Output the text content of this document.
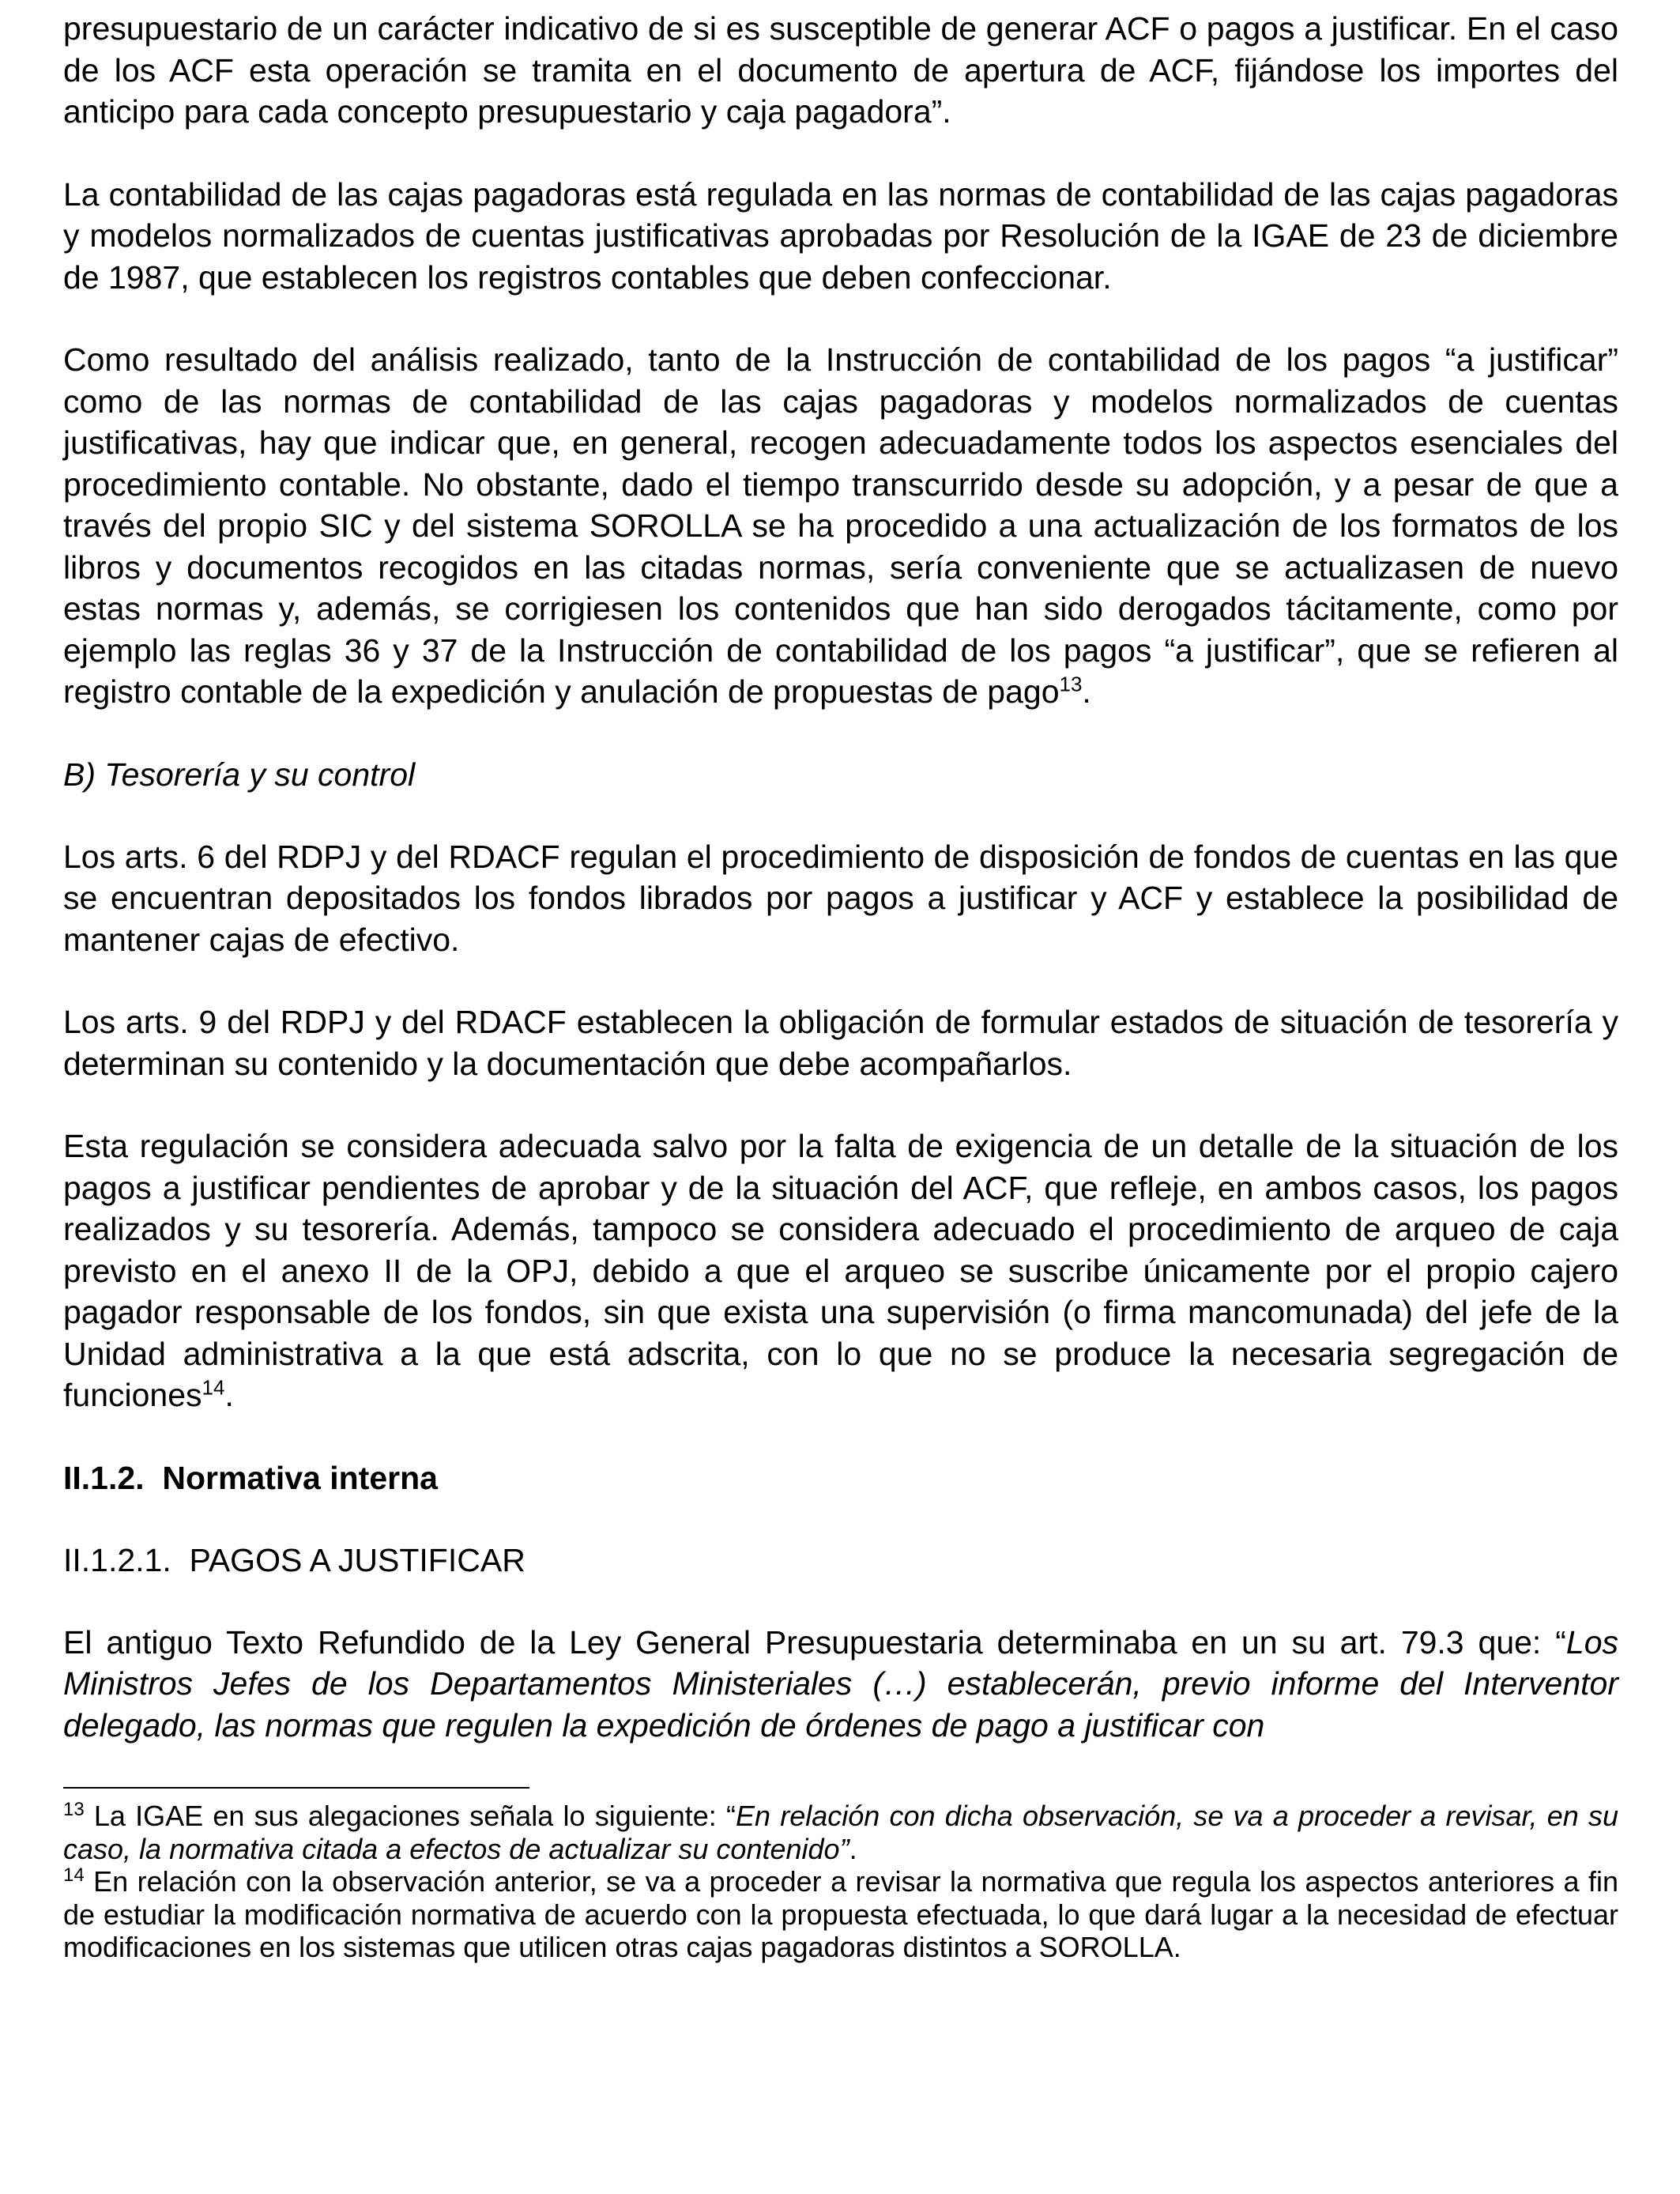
presupuestario de un carácter indicativo de si es susceptible de generar ACF o pagos a justificar. En el caso de los ACF esta operación se tramita en el documento de apertura de ACF, fijándose los importes del anticipo para cada concepto presupuestario y caja pagadora”.

La contabilidad de las cajas pagadoras está regulada en las normas de contabilidad de las cajas pagadoras y modelos normalizados de cuentas justificativas aprobadas por Resolución de la IGAE de 23 de diciembre de 1987, que establecen los registros contables que deben confeccionar.

Como resultado del análisis realizado, tanto de la Instrucción de contabilidad de los pagos “a justificar” como de las normas de contabilidad de las cajas pagadoras y modelos normalizados de cuentas justificativas, hay que indicar que, en general, recogen adecuadamente todos los aspectos esenciales del procedimiento contable. No obstante, dado el tiempo transcurrido desde su adopción, y a pesar de que a través del propio SIC y del sistema SOROLLA se ha procedido a una actualización de los formatos de los libros y documentos recogidos en las citadas normas, sería conveniente que se actualizasen de nuevo estas normas y, además, se corrigiesen los contenidos que han sido derogados tácitamente, como por ejemplo las reglas 36 y 37 de la Instrucción de contabilidad de los pagos “a justificar”, que se refieren al registro contable de la expedición y anulación de propuestas de pago$^{13}$.

B) Tesorería y su control

Los arts. 6 del RDPJ y del RDACF regulan el procedimiento de disposición de fondos de cuentas en las que se encuentran depositados los fondos librados por pagos a justificar y ACF y establece la posibilidad de mantener cajas de efectivo.

Los arts. 9 del RDPJ y del RDACF establecen la obligación de formular estados de situación de tesorería y determinan su contenido y la documentación que debe acompañarlos.

Esta regulación se considera adecuada salvo por la falta de exigencia de un detalle de la situación de los pagos a justificar pendientes de aprobar y de la situación del ACF, que refleje, en ambos casos, los pagos realizados y su tesorería. Además, tampoco se considera adecuado el procedimiento de arqueo de caja previsto en el anexo II de la OPJ, debido a que el arqueo se suscribe únicamente por el propio cajero pagador responsable de los fondos, sin que exista una supervisión (o firma mancomunada) del jefe de la Unidad administrativa a la que está adscrita, con lo que no se produce la necesaria segregación de funciones$^{14}$.

II.1.2.  Normativa interna
II.1.2.1.  PAGOS A JUSTIFICAR

El antiguo Texto Refundido de la Ley General Presupuestaria determinaba en un su art. 79.3 que: “Los Ministros Jefes de los Departamentos Ministeriales (…) establecerán, previo informe del Interventor delegado, las normas que regulen la expedición de órdenes de pago a justificar con

$^{13}$ La IGAE en sus alegaciones señala lo siguiente: “En relación con dicha observación, se va a proceder a revisar, en su caso, la normativa citada a efectos de actualizar su contenido”.

$^{14}$ En relación con la observación anterior, se va a proceder a revisar la normativa que regula los aspectos anteriores a fin de estudiar la modificación normativa de acuerdo con la propuesta efectuada, lo que dará lugar a la necesidad de efectuar modificaciones en los sistemas que utilicen otras cajas pagadoras distintos a SOROLLA.
